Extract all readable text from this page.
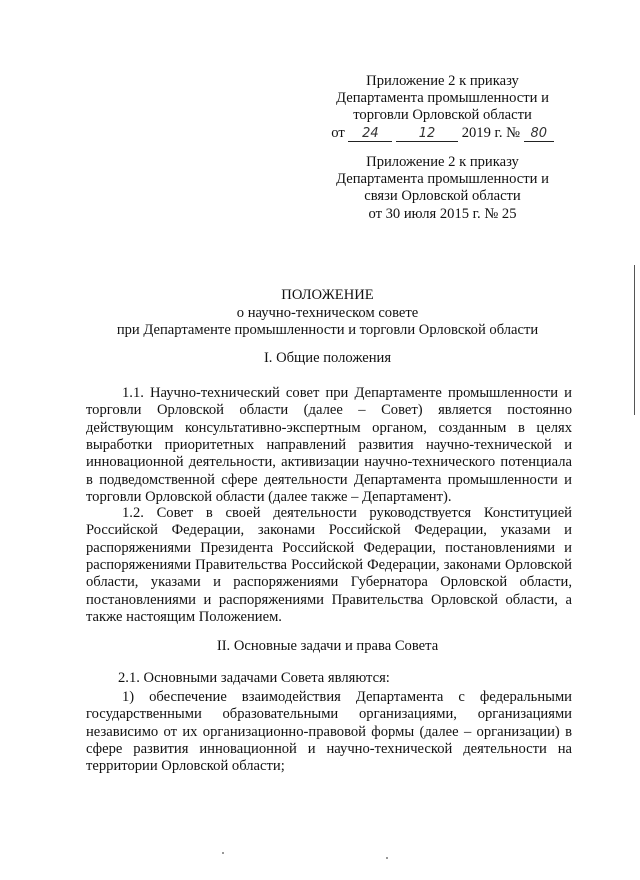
Приложение 2 к приказу
Департамента промышленности и
торговли Орловской области
от 24	12 2019 г. № 80
Приложение 2 к приказу
Департамента промышленности и
связи Орловской области
от 30 июля 2015 г. № 25
ПОЛОЖЕНИЕ
о научно-техническом совете
при Департаменте промышленности и торговли Орловской области
I. Общие положения

1.1. Научно-технический совет при Департаменте промышленности и торговли Орловской области (далее – Совет) является постоянно действующим консультативно-экспертным органом, созданным в целях выработки приоритетных направлений развития научно-технической и инновационной деятельности, активизации научно-технического потенциала в подведомственной сфере деятельности Департамента промышленности и торговли Орловской области (далее также – Департамент).

1.2. Совет в своей деятельности руководствуется Конституцией Российской Федерации, законами Российской Федерации, указами и распоряжениями Президента Российской Федерации, постановлениями и распоряжениями Правительства Российской Федерации, законами Орловской области, указами и распоряжениями Губернатора Орловской области, постановлениями и распоряжениями Правительства Орловской области, а также настоящим Положением.

II. Основные задачи и права Совета

2.1. Основными задачами Совета являются:

1) обеспечение взаимодействия Департамента с федеральными государственными образовательными организациями, организациями независимо от их организационно-правовой формы (далее – организации) в сфере развития инновационной и научно-технической деятельности на территории Орловской области;
